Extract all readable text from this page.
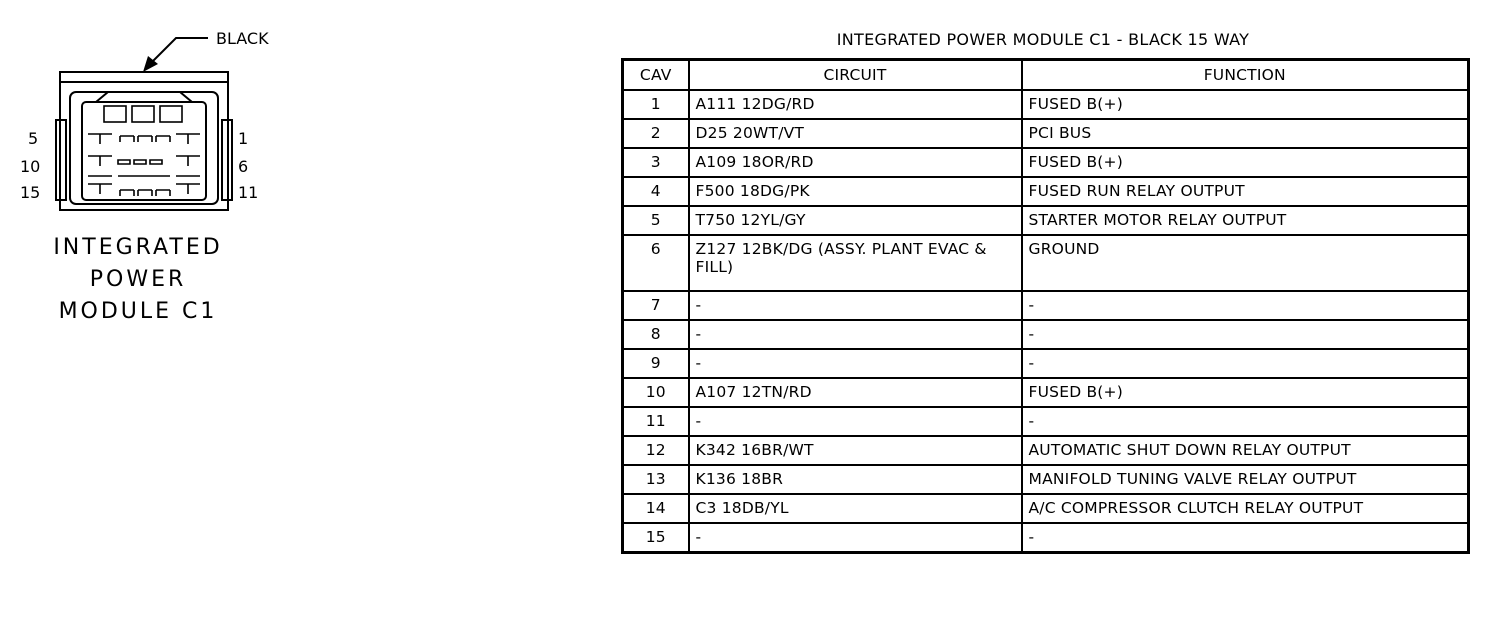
BLACK
5
10
15
1
6
11
INTEGRATED
POWER
MODULE C1
INTEGRATED POWER MODULE C1 - BLACK 15 WAY
CAV	CIRCUIT	FUNCTION
1	A111 12DG/RD	FUSED B(+)
2	D25 20WT/VT	PCI BUS
3	A109 18OR/RD	FUSED B(+)
4	F500 18DG/PK	FUSED RUN RELAY OUTPUT
5	T750 12YL/GY	STARTER MOTOR RELAY OUTPUT
6	Z127 12BK/DG (ASSY. PLANT EVAC & FILL)	GROUND
7	-	-
8	-	-
9	-	-
10	A107 12TN/RD	FUSED B(+)
11	-	-
12	K342 16BR/WT	AUTOMATIC SHUT DOWN RELAY OUTPUT
13	K136 18BR	MANIFOLD TUNING VALVE RELAY OUTPUT
14	C3 18DB/YL	A/C COMPRESSOR CLUTCH RELAY OUTPUT
15	-	-
